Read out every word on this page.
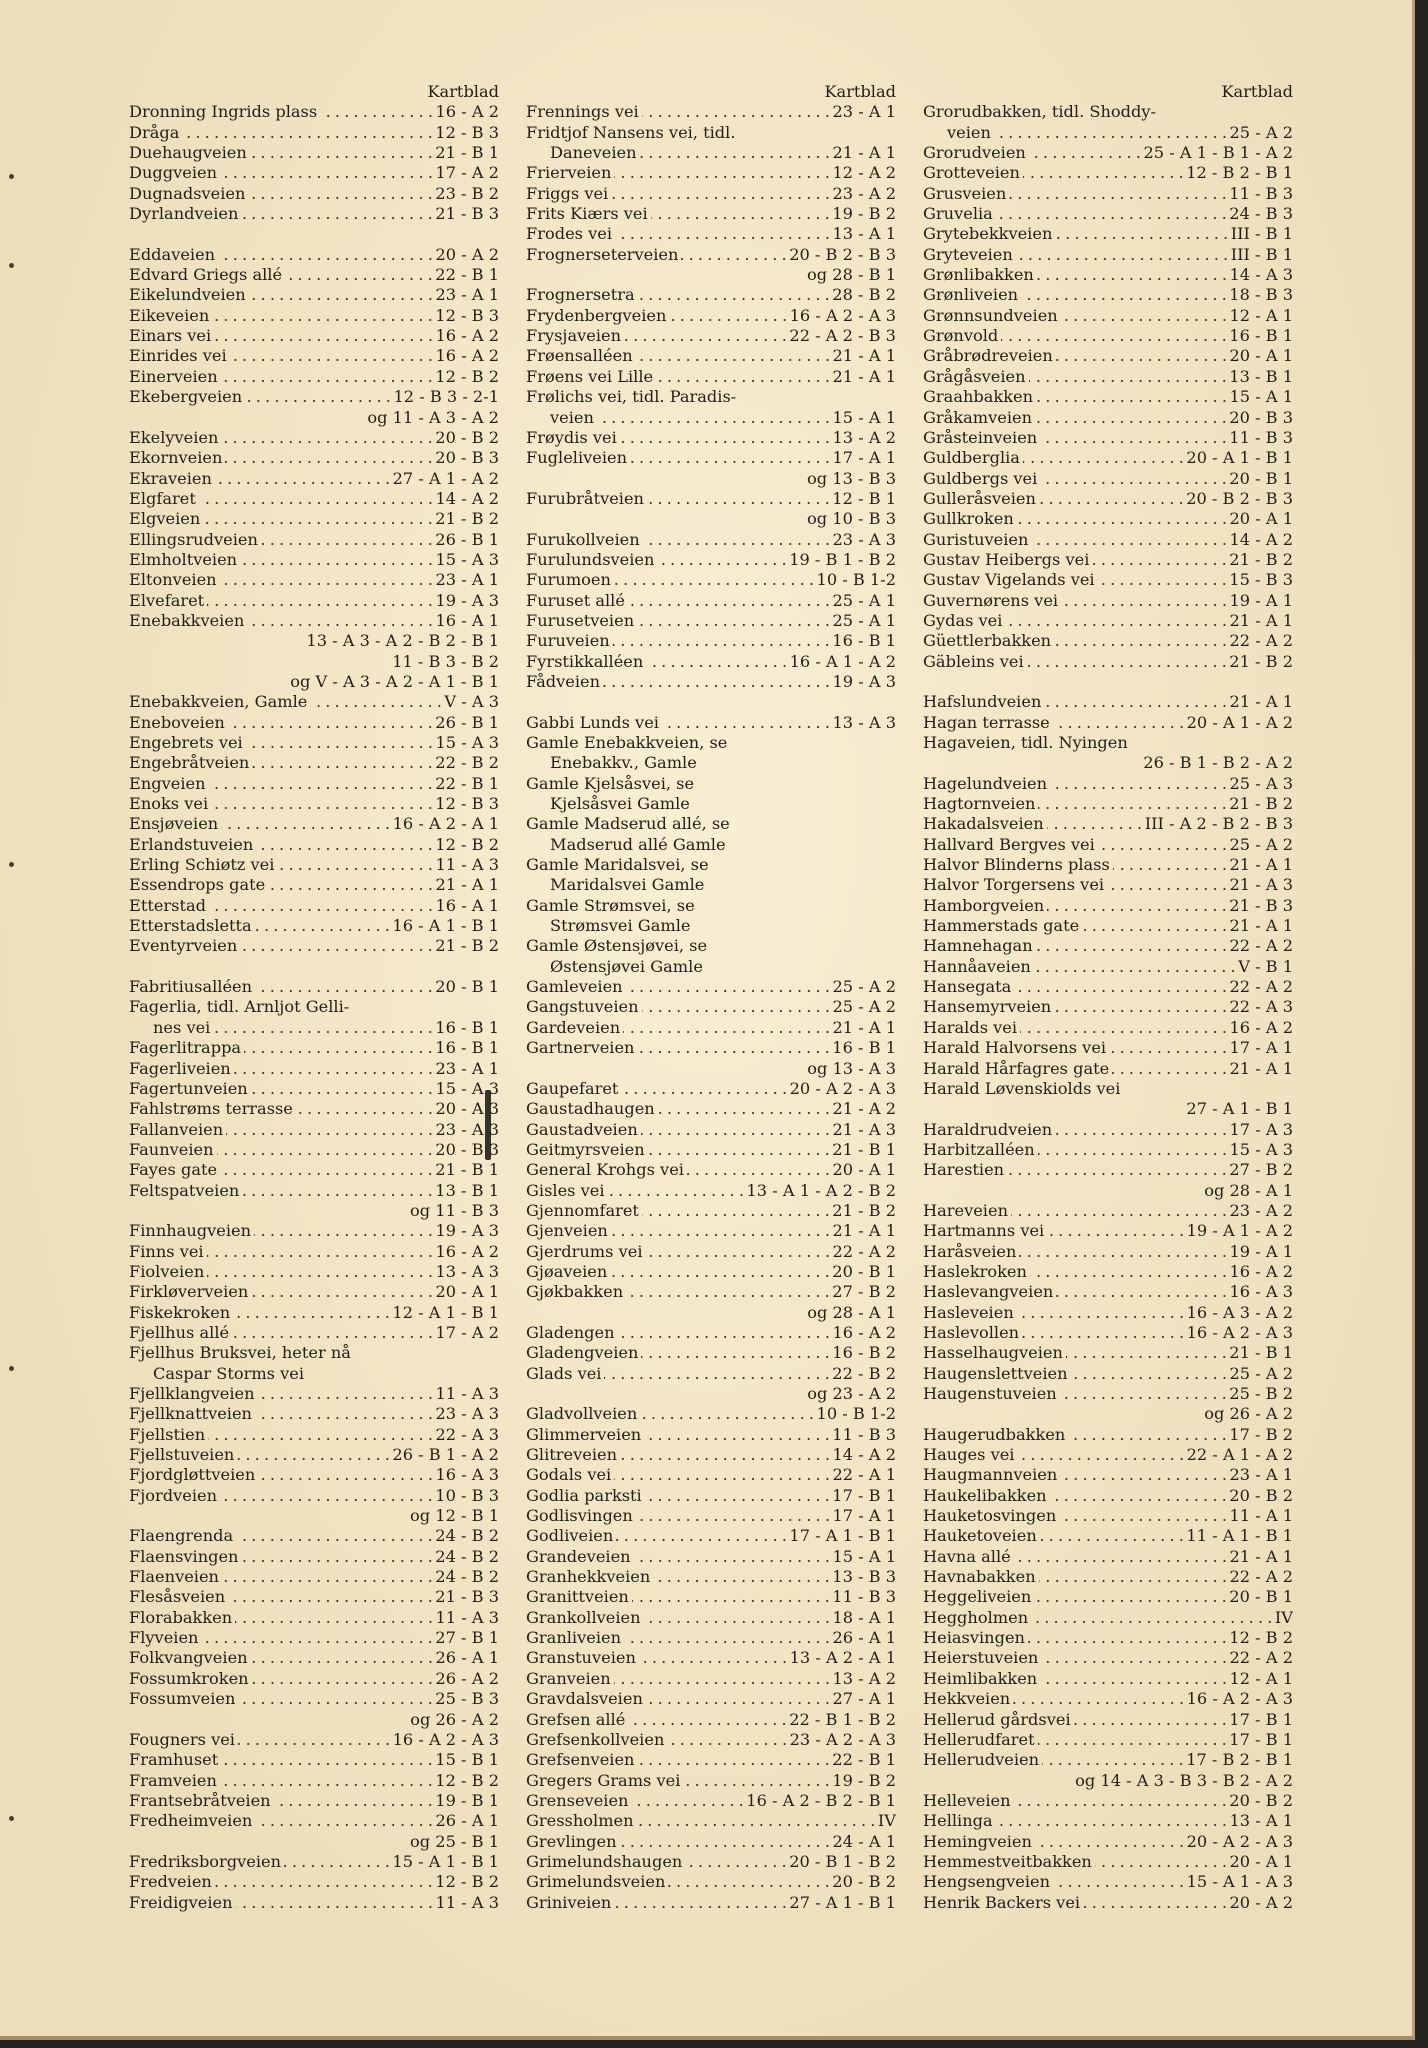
Kartblad
Dronning Ingrids plass . . .	16 - A 2
Dråga . . .	12 - B 3
Duehaugveien . . .	21 - B 1
Duggveien . . .	17 - A 2
Dugnadsveien . . .	23 - B 2
Dyrlandveien . . .	21 - B 3
Eddaveien . . .	20 - A 2
Edvard Griegs allé . . .	22 - B 1
Eikelundveien . . .	23 - A 1
Eikeveien . . .	12 - B 3
Einars vei . . .	16 - A 2
Einrides vei . . .	16 - A 2
Einerveien . . .	12 - B 2
Ekebergveien . . .	12 - B 3 - 2-1
og 11 - A 3 - A 2
Ekelyveien . . .	20 - B 2
Ekornveien . . .	20 - B 3
Ekraveien . . .	27 - A 1 - A 2
Elgfaret . . .	14 - A 2
Elgveien . . .	21 - B 2
Ellingsrudveien . . .	26 - B 1
Elmholtveien . . .	15 - A 3
Eltonveien . . .	23 - A 1
Elvefaret . . .	19 - A 3
Enebakkveien . . .	16 - A 1
13 - A 3 - A 2 - B 2 - B 1
11 - B 3 - B 2
og V - A 3 - A 2 - A 1 - B 1
Enebakkveien, Gamle . . .	V - A 3
Eneboveien . . .	26 - B 1
Engebrets vei . . .	15 - A 3
Engebråtveien . . .	22 - B 2
Engveien . . .	22 - B 1
Enoks vei . . .	12 - B 3
Ensjøveien . . .	16 - A 2 - A 1
Erlandstuveien . . .	12 - B 2
Erling Schiøtz vei . . .	11 - A 3
Essendrops gate . . .	21 - A 1
Etterstad . . .	16 - A 1
Etterstadsletta . . .	16 - A 1 - B 1
Eventyrveien . . .	21 - B 2
Fabritiusalléen . . .	20 - B 1
Fagerlia, tidl. Arnljot Gelli-
nes vei . . .	16 - B 1
Fagerlitrappa . . .	16 - B 1
Fagerliveien . . .	23 - A 1
Fagertunveien . . .	15 - A 3
Fahlstrøms terrasse . . .	20 - A 3
Fallanveien . . .	23 - A 3
Faunveien . . .	20 - B 3
Fayes gate . . .	21 - B 1
Feltspatveien . . .	13 - B 1
og 11 - B 3
Finnhaugveien . . .	19 - A 3
Finns vei . . .	16 - A 2
Fiolveien . . .	13 - A 3
Firkløverveien . . .	20 - A 1
Fiskekroken . . .	12 - A 1 - B 1
Fjellhus allé . . .	17 - A 2
Fjellhus Bruksvei, heter nå
Caspar Storms vei
Fjellklangveien . . .	11 - A 3
Fjellknattveien . . .	23 - A 3
Fjellstien . . .	22 - A 3
Fjellstuveien . . .	26 - B 1 - A 2
Fjordgløttveien . . .	16 - A 3
Fjordveien . . .	10 - B 3
og 12 - B 1
Flaengrenda . . .	24 - B 2
Flaensvingen . . .	24 - B 2
Flaenveien . . .	24 - B 2
Flesåsveien . . .	21 - B 3
Florabakken . . .	11 - A 3
Flyveien . . .	27 - B 1
Folkvangveien . . .	26 - A 1
Fossumkroken . . .	26 - A 2
Fossumveien . . .	25 - B 3
og 26 - A 2
Fougners vei . . .	16 - A 2 - A 3
Framhuset . . .	15 - B 1
Framveien . . .	12 - B 2
Frantsebråtveien . . .	19 - B 1
Fredheimveien . . .	26 - A 1
og 25 - B 1
Fredriksborgveien . . .	15 - A 1 - B 1
Fredveien . . .	12 - B 2
Freidigveien . . .	11 - A 3
Kartblad
Frennings vei . . .	23 - A 1
Fridtjof Nansens vei, tidl.
Daneveien . . .	21 - A 1
Frierveien . . .	12 - A 2
Friggs vei . . .	23 - A 2
Frits Kiærs vei . . .	19 - B 2
Frodes vei . . .	13 - A 1
Frognerseterveien . . .	20 - B 2 - B 3
og 28 - B 1
Frognersetra . . .	28 - B 2
Frydenbergveien . . .	16 - A 2 - A 3
Frysjaveien . . .	22 - A 2 - B 3
Frøensalléen . . .	21 - A 1
Frøens vei Lille . . .	21 - A 1
Frølichs vei, tidl. Paradis-
veien . . .	15 - A 1
Frøydis vei . . .	13 - A 2
Fugleliveien . . .	17 - A 1
og 13 - B 3
Furubråtveien . . .	12 - B 1
og 10 - B 3
Furukollveien . . .	23 - A 3
Furulundsveien . . .	19 - B 1 - B 2
Furumoen . . .	10 - B 1-2
Furuset allé . . .	25 - A 1
Furusetveien . . .	25 - A 1
Furuveien . . .	16 - B 1
Fyrstikkalléen . . .	16 - A 1 - A 2
Fådveien . . .	19 - A 3
Gabbi Lunds vei . . .	13 - A 3
Gamle Enebakkveien, se
Enebakkv., Gamle
Gamle Kjelsåsvei, se
Kjelsåsvei Gamle
Gamle Madserud allé, se
Madserud allé Gamle
Gamle Maridalsvei, se
Maridalsvei Gamle
Gamle Strømsvei, se
Strømsvei Gamle
Gamle Østensjøvei, se
Østensjøvei Gamle
Gamleveien . . .	25 - A 2
Gangstuveien . . .	25 - A 2
Gardeveien . . .	21 - A 1
Gartnerveien . . .	16 - B 1
og 13 - A 3
Gaupefaret . . .	20 - A 2 - A 3
Gaustadhaugen . . .	21 - A 2
Gaustadveien . . .	21 - A 3
Geitmyrsveien . . .	21 - B 1
General Krohgs vei . . .	20 - A 1
Gisles vei . . .	13 - A 1 - A 2 - B 2
Gjennomfaret . . .	21 - B 2
Gjenveien . . .	21 - A 1
Gjerdrums vei . . .	22 - A 2
Gjøaveien . . .	20 - B 1
Gjøkbakken . . .	27 - B 2
og 28 - A 1
Gladengen . . .	16 - A 2
Gladengveien . . .	16 - B 2
Glads vei . . .	22 - B 2
og 23 - A 2
Gladvollveien . . .	10 - B 1-2
Glimmerveien . . .	11 - B 3
Glitreveien . . .	14 - A 2
Godals vei . . .	22 - A 1
Godlia parksti . . .	17 - B 1
Godlisvingen . . .	17 - A 1
Godliveien . . .	17 - A 1 - B 1
Grandeveien . . .	15 - A 1
Granhekkveien . . .	13 - B 3
Granittveien . . .	11 - B 3
Grankollveien . . .	18 - A 1
Granliveien . . .	26 - A 1
Granstuveien . . .	13 - A 2 - A 1
Granveien . . .	13 - A 2
Gravdalsveien . . .	27 - A 1
Grefsen allé . . .	22 - B 1 - B 2
Grefsenkollveien . . .	23 - A 2 - A 3
Grefsenveien . . .	22 - B 1
Gregers Grams vei . . .	19 - B 2
Grenseveien . . .	16 - A 2 - B 2 - B 1
Gressholmen . . .	IV
Grevlingen . . .	24 - A 1
Grimelundshaugen . . .	20 - B 1 - B 2
Grimelundsveien . . .	20 - B 2
Griniveien . . .	27 - A 1 - B 1
Kartblad
Grorudbakken, tidl. Shoddy-
veien . . .	25 - A 2
Grorudveien . . .	25 - A 1 - B 1 - A 2
Grotteveien . . .	12 - B 2 - B 1
Grusveien . . .	11 - B 3
Gruvelia . . .	24 - B 3
Grytebekkveien . . .	III - B 1
Gryteveien . . .	III - B 1
Grønlibakken . . .	14 - A 3
Grønliveien . . .	18 - B 3
Grønnsundveien . . .	12 - A 1
Grønvold . . .	16 - B 1
Gråbrødreveien . . .	20 - A 1
Grågåsveien . . .	13 - B 1
Graahbakken . . .	15 - A 1
Gråkamveien . . .	20 - B 3
Gråsteinveien . . .	11 - B 3
Guldberglia . . .	20 - A 1 - B 1
Guldbergs vei . . .	20 - B 1
Gulleråsveien . . .	20 - B 2 - B 3
Gullkroken . . .	20 - A 1
Guristuveien . . .	14 - A 2
Gustav Heibergs vei . . .	21 - B 2
Gustav Vigelands vei . . .	15 - B 3
Guvernørens vei . . .	19 - A 1
Gydas vei . . .	21 - A 1
Güettlerbakken . . .	22 - A 2
Gäbleins vei . . .	21 - B 2
Hafslundveien . . .	21 - A 1
Hagan terrasse . . .	20 - A 1 - A 2
Hagaveien, tidl. Nyingen
26 - B 1 - B 2 - A 2
Hagelundveien . . .	25 - A 3
Hagtornveien . . .	21 - B 2
Hakadalsveien . . .	III - A 2 - B 2 - B 3
Hallvard Bergves vei . . .	25 - A 2
Halvor Blinderns plass . . .	21 - A 1
Halvor Torgersens vei . . .	21 - A 3
Hamborgveien . . .	21 - B 3
Hammerstads gate . . .	21 - A 1
Hamnehagan . . .	22 - A 2
Hannåaveien . . .	V - B 1
Hansegata . . .	22 - A 2
Hansemyrveien . . .	22 - A 3
Haralds vei . . .	16 - A 2
Harald Halvorsens vei . . .	17 - A 1
Harald Hårfagres gate . . .	21 - A 1
Harald Løvenskiolds vei
27 - A 1 - B 1
Haraldrudveien . . .	17 - A 3
Harbitzalléen . . .	15 - A 3
Harestien . . .	27 - B 2
og 28 - A 1
Hareveien . . .	23 - A 2
Hartmanns vei . . .	19 - A 1 - A 2
Haråsveien . . .	19 - A 1
Haslekroken . . .	16 - A 2
Haslevangveien . . .	16 - A 3
Hasleveien . . .	16 - A 3 - A 2
Haslevollen . . .	16 - A 2 - A 3
Hasselhaugveien . . .	21 - B 1
Haugenslettveien . . .	25 - A 2
Haugenstuveien . . .	25 - B 2
og 26 - A 2
Haugerudbakken . . .	17 - B 2
Hauges vei . . .	22 - A 1 - A 2
Haugmannveien . . .	23 - A 1
Haukelibakken . . .	20 - B 2
Hauketosvingen . . .	11 - A 1
Hauketoveien . . .	11 - A 1 - B 1
Havna allé . . .	21 - A 1
Havnabakken . . .	22 - A 2
Heggeliveien . . .	20 - B 1
Heggholmen . . .	IV
Heiasvingen . . .	12 - B 2
Heierstuveien . . .	22 - A 2
Heimlibakken . . .	12 - A 1
Hekkveien . . .	16 - A 2 - A 3
Hellerud gårdsvei . . .	17 - B 1
Hellerudfaret . . .	17 - B 1
Hellerudveien . . .	17 - B 2 - B 1
og 14 - A 3 - B 3 - B 2 - A 2
Helleveien . . .	20 - B 2
Hellinga . . .	13 - A 1
Hemingveien . . .	20 - A 2 - A 3
Hemmestveitbakken . . .	20 - A 1
Hengsengveien . . .	15 - A 1 - A 3
Henrik Backers vei . . .	20 - A 2
